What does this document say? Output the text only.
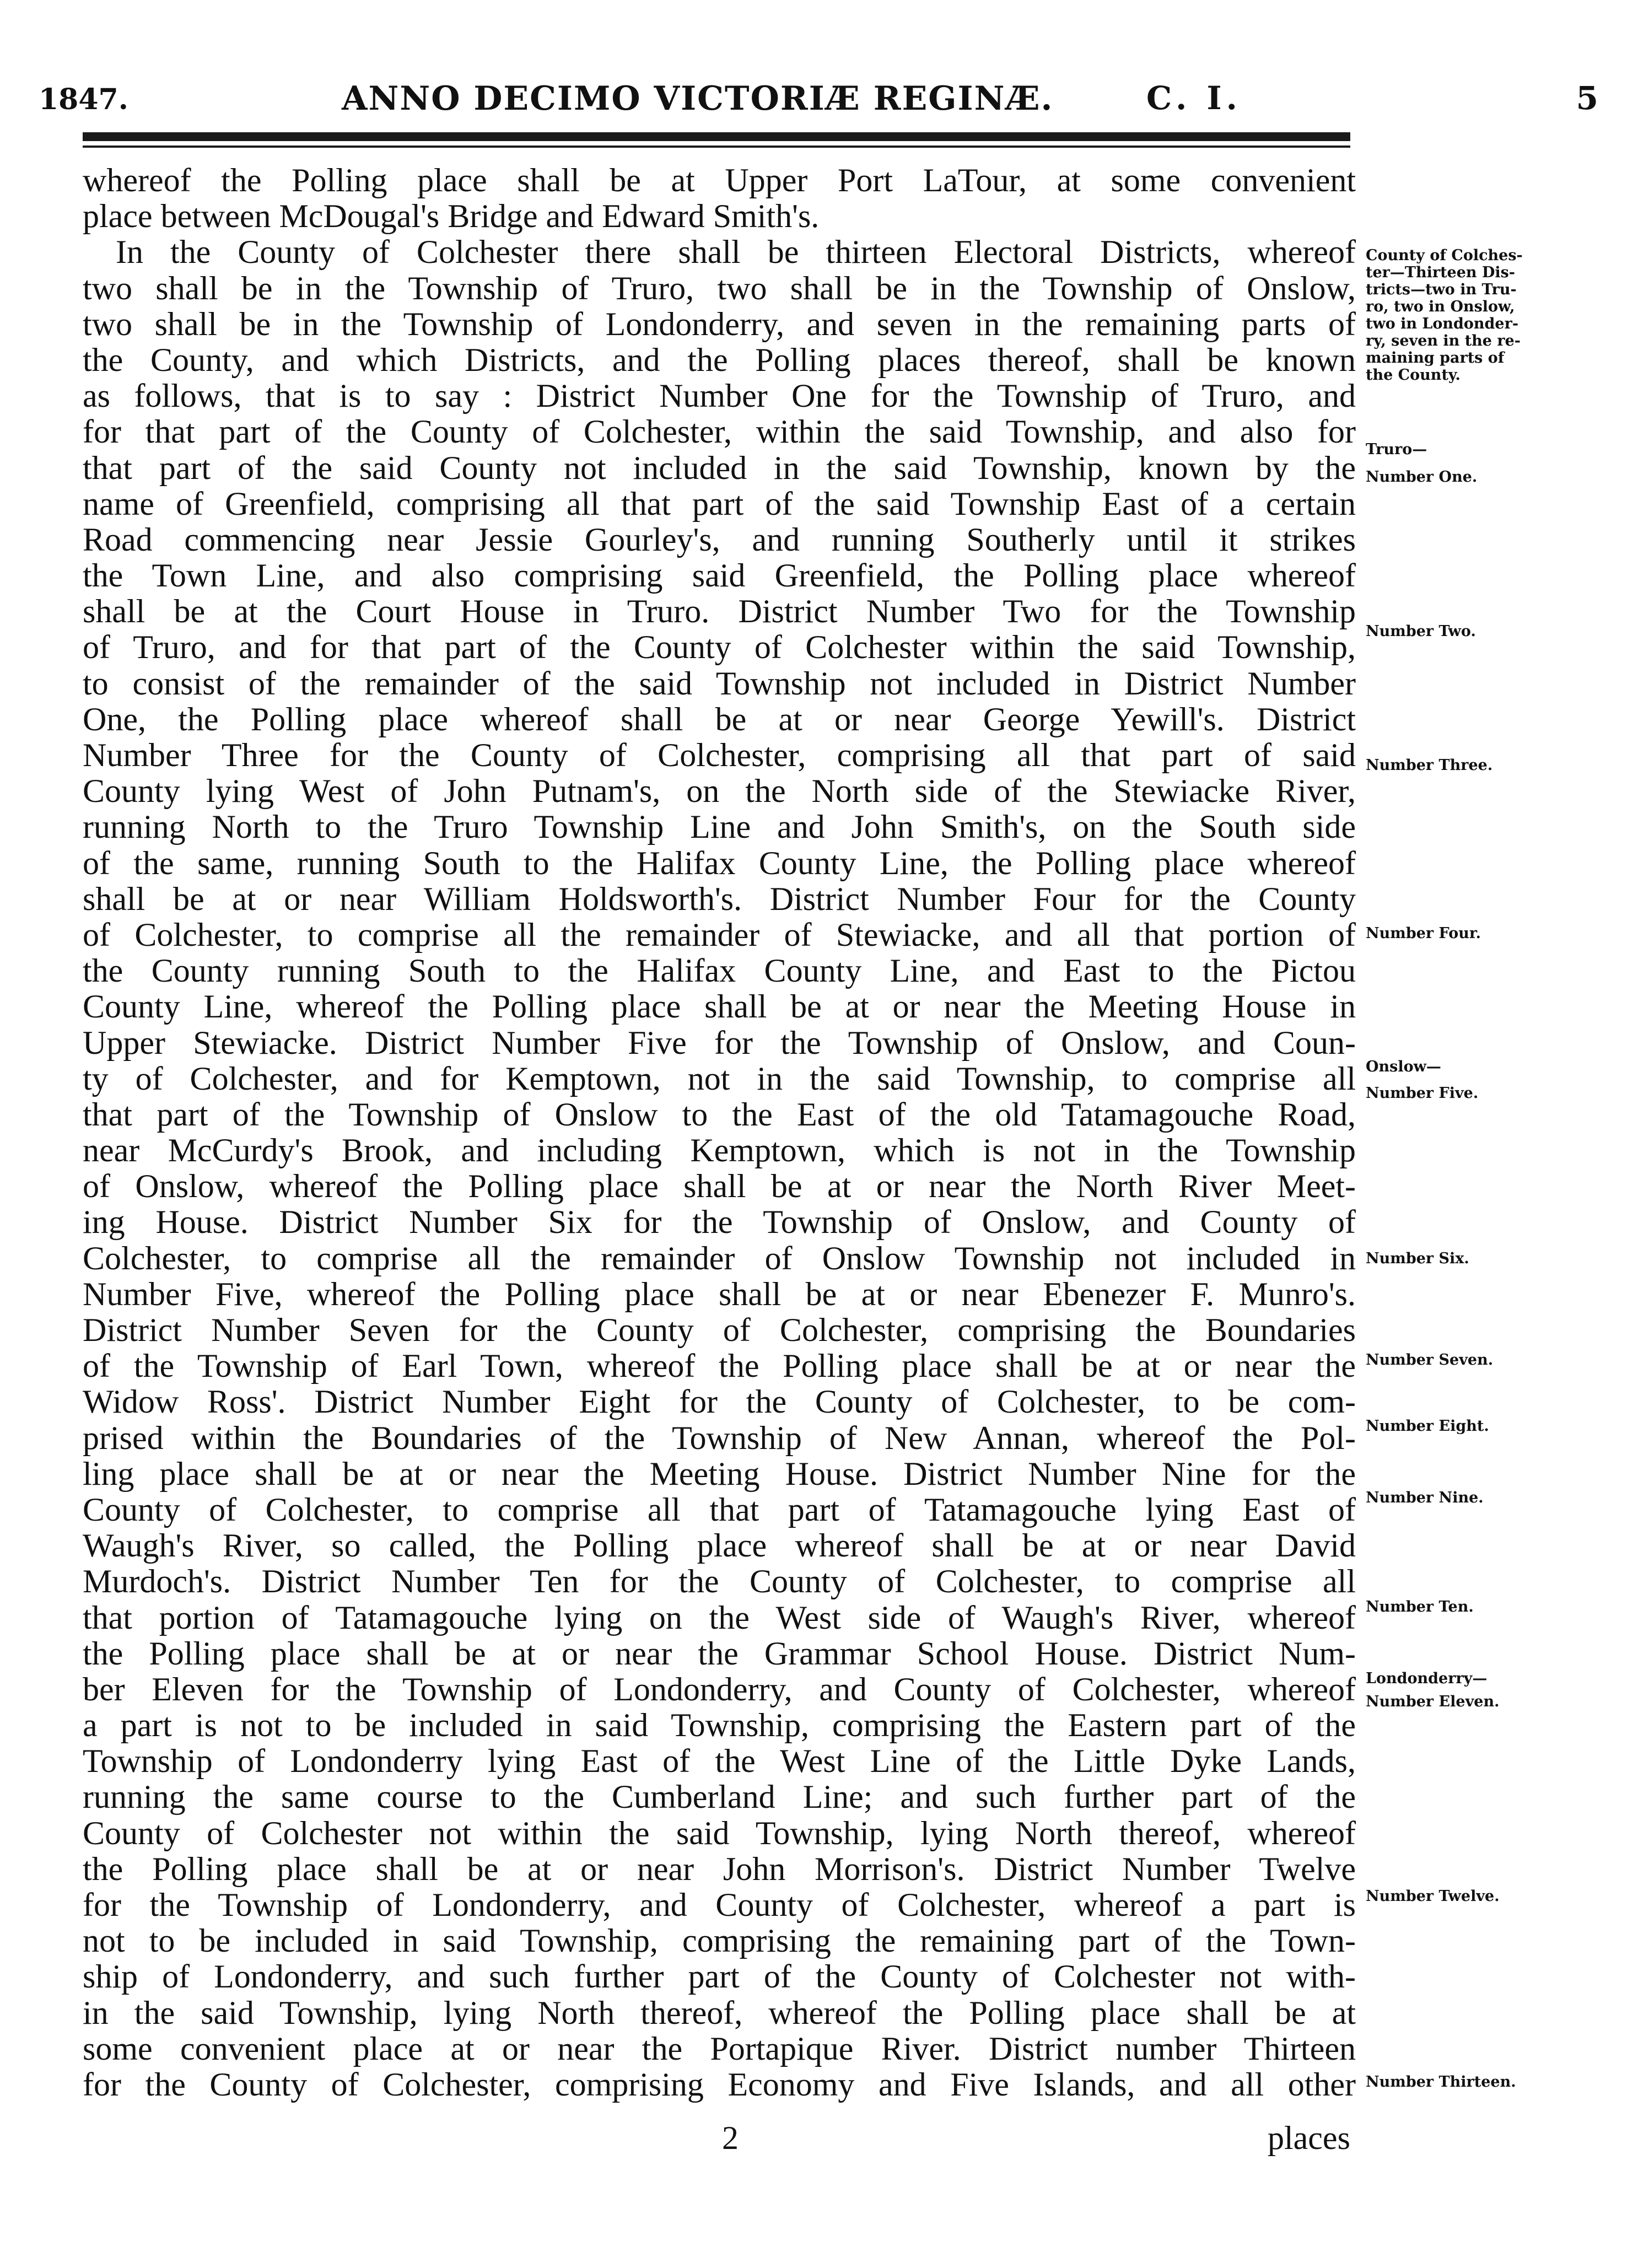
1847.	ANNO DECIMO VICTORIÆ REGINÆ.	C. I.	5
whereof the Polling place shall be at Upper Port LaTour, at some convenient
place between McDougal's Bridge and Edward Smith's.
In the County of Colchester there shall be thirteen Electoral Districts, whereof
two shall be in the Township of Truro, two shall be in the Township of Onslow,
two shall be in the Township of Londonderry, and seven in the remaining parts of
the County, and which Districts, and the Polling places thereof, shall be known
as follows, that is to say : District Number One for the Township of Truro, and
for that part of the County of Colchester, within the said Township, and also for
that part of the said County not included in the said Township, known by the
name of Greenfield, comprising all that part of the said Township East of a certain
Road commencing near Jessie Gourley's, and running Southerly until it strikes
the Town Line, and also comprising said Greenfield, the Polling place whereof
shall be at the Court House in Truro. District Number Two for the Township
of Truro, and for that part of the County of Colchester within the said Township,
to consist of the remainder of the said Township not included in District Number
One, the Polling place whereof shall be at or near George Yewill's. District
Number Three for the County of Colchester, comprising all that part of said
County lying West of John Putnam's, on the North side of the Stewiacke River,
running North to the Truro Township Line and John Smith's, on the South side
of the same, running South to the Halifax County Line, the Polling place whereof
shall be at or near William Holdsworth's. District Number Four for the County
of Colchester, to comprise all the remainder of Stewiacke, and all that portion of
the County running South to the Halifax County Line, and East to the Pictou
County Line, whereof the Polling place shall be at or near the Meeting House in
Upper Stewiacke. District Number Five for the Township of Onslow, and Coun-
ty of Colchester, and for Kemptown, not in the said Township, to comprise all
that part of the Township of Onslow to the East of the old Tatamagouche Road,
near McCurdy's Brook, and including Kemptown, which is not in the Township
of Onslow, whereof the Polling place shall be at or near the North River Meet-
ing House. District Number Six for the Township of Onslow, and County of
Colchester, to comprise all the remainder of Onslow Township not included in
Number Five, whereof the Polling place shall be at or near Ebenezer F. Munro's.
District Number Seven for the County of Colchester, comprising the Boundaries
of the Township of Earl Town, whereof the Polling place shall be at or near the
Widow Ross'. District Number Eight for the County of Colchester, to be com-
prised within the Boundaries of the Township of New Annan, whereof the Pol-
ling place shall be at or near the Meeting House. District Number Nine for the
County of Colchester, to comprise all that part of Tatamagouche lying East of
Waugh's River, so called, the Polling place whereof shall be at or near David
Murdoch's. District Number Ten for the County of Colchester, to comprise all
that portion of Tatamagouche lying on the West side of Waugh's River, whereof
the Polling place shall be at or near the Grammar School House. District Num-
ber Eleven for the Township of Londonderry, and County of Colchester, whereof
a part is not to be included in said Township, comprising the Eastern part of the
Township of Londonderry lying East of the West Line of the Little Dyke Lands,
running the same course to the Cumberland Line; and such further part of the
County of Colchester not within the said Township, lying North thereof, whereof
the Polling place shall be at or near John Morrison's. District Number Twelve
for the Township of Londonderry, and County of Colchester, whereof a part is
not to be included in said Township, comprising the remaining part of the Town-
ship of Londonderry, and such further part of the County of Colchester not with-
in the said Township, lying North thereof, whereof the Polling place shall be at
some convenient place at or near the Portapique River. District number Thirteen
for the County of Colchester, comprising Economy and Five Islands, and all other
County of Colches-
ter—Thirteen Dis-
tricts—two in Tru-
ro, two in Onslow,
two in Londonder-
ry, seven in the re-
maining parts of
the County.
Truro—
Number One.
Number Two.
Number Three.
Number Four.
Onslow—
Number Five.
Number Six.
Number Seven.
Number Eight.
Number Nine.
Number Ten.
Londonderry—
Number Eleven.
Number Twelve.
Number Thirteen.
2	places
